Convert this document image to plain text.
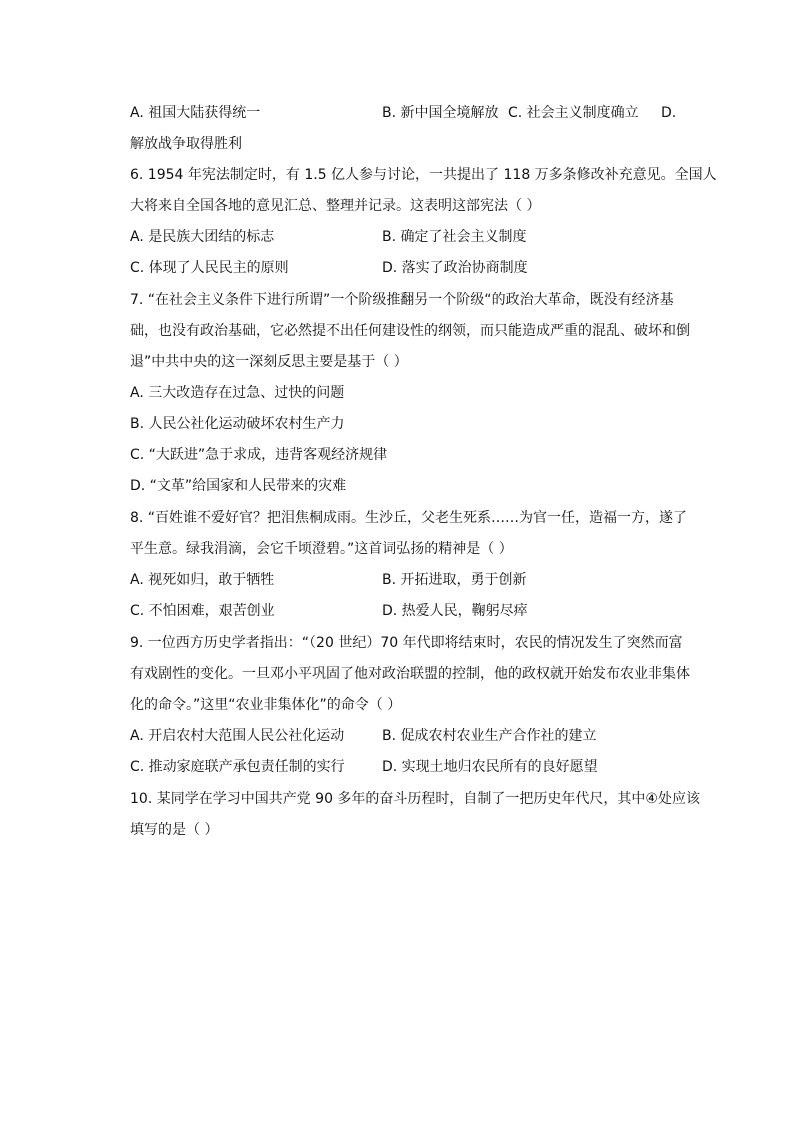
A. 祖国大陆获得统一	B. 新中国全境解放 C. 社会主义制度确立 D.
解放战争取得胜利
6. 1954 年宪法制定时，有 1.5 亿人参与讨论，一共提出了 118 万多条修改补充意见。全国人
大将来自全国各地的意见汇总、整理并记录。这表明这部宪法（ ）
A. 是民族大团结的标志	B. 确定了社会主义制度
C. 体现了人民民主的原则	D. 落实了政治协商制度
7. “在社会主义条件下进行所谓”一个阶级推翻另一个阶级“的政治大革命，既没有经济基
础，也没有政治基础，它必然提不出任何建设性的纲领，而只能造成严重的混乱、破坏和倒
退”中共中央的这一深刻反思主要是基于（ ）
A. 三大改造存在过急、过快的问题
B. 人民公社化运动破坏农村生产力
C. “大跃进”急于求成，违背客观经济规律
D. “文革”给国家和人民带来的灾难
8. “百姓谁不爱好官？把泪焦桐成雨。生沙丘，父老生死系……为官一任，造福一方，遂了
平生意。绿我涓滴，会它千顷澄碧。”这首词弘扬的精神是（ ）
A. 视死如归，敢于牺牲	B. 开拓进取，勇于创新
C. 不怕困难，艰苦创业	D. 热爱人民，鞠躬尽瘁
9. 一位西方历史学者指出：“（20 世纪）70 年代即将结束时，农民的情况发生了突然而富
有戏剧性的变化。一旦邓小平巩固了他对政治联盟的控制，他的政权就开始发布农业非集体
化的命令。”这里“农业非集体化”的命令（ ）
A. 开启农村大范围人民公社化运动	B. 促成农村农业生产合作社的建立
C. 推动家庭联产承包责任制的实行	D. 实现土地归农民所有的良好愿望
10. 某同学在学习中国共产党 90 多年的奋斗历程时，自制了一把历史年代尺，其中④处应该
填写的是（ ）
